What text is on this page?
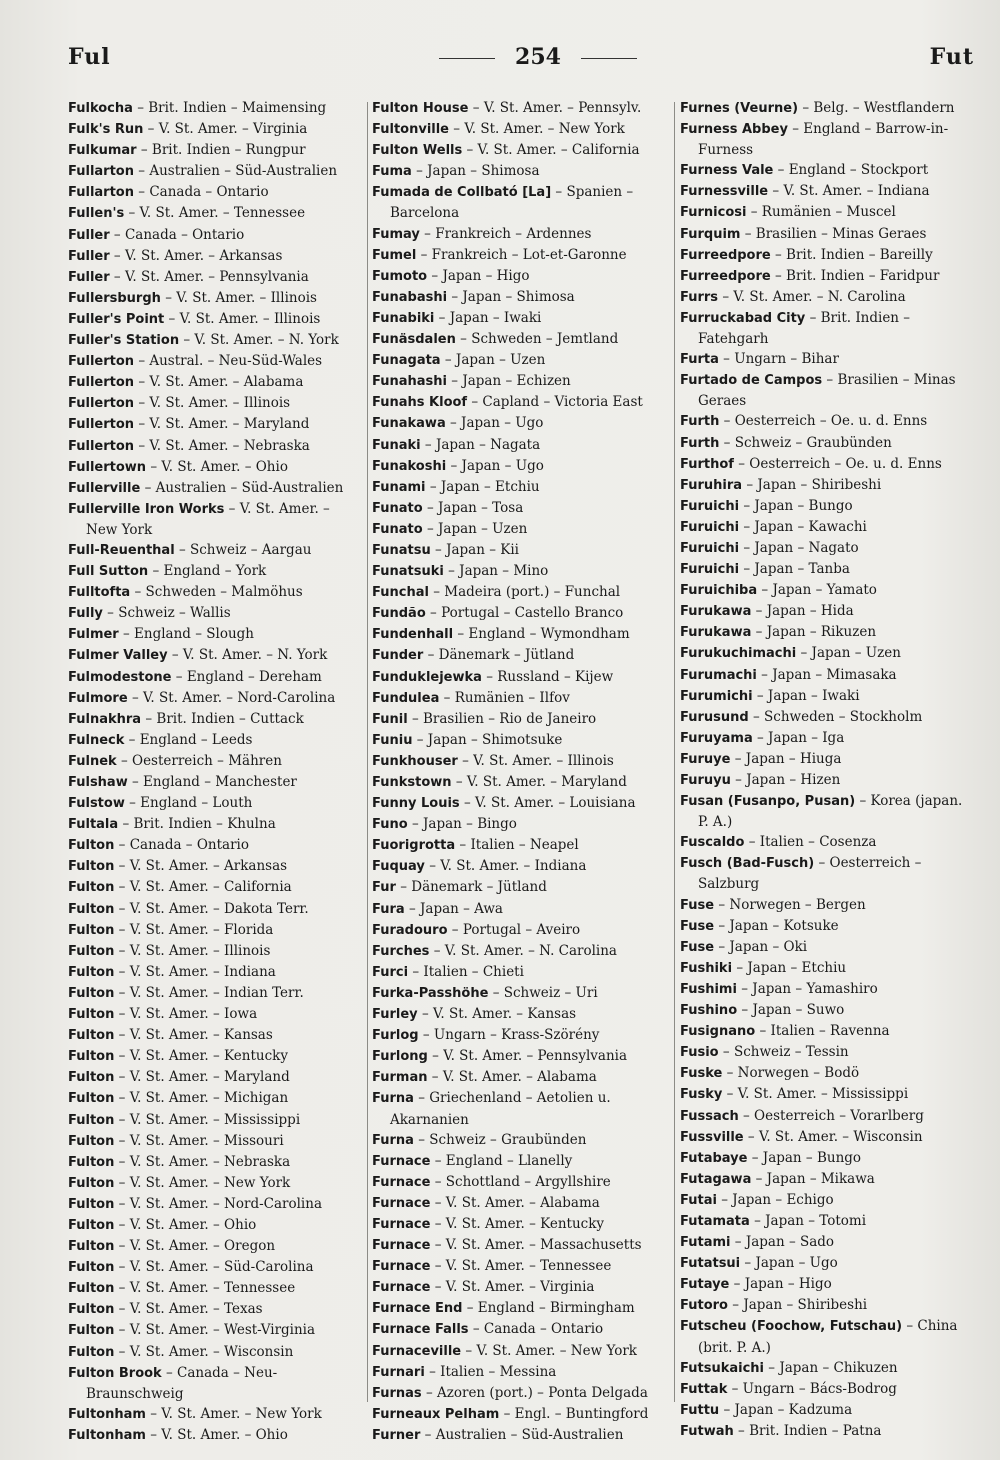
Ful	254	Fut
Fulkocha – Brit. Indien – Maimensing
Fulk's Run – V. St. Amer. – Virginia
Fulkumar – Brit. Indien – Rungpur
Fullarton – Australien – Süd-Australien
Fullarton – Canada – Ontario
Fullen's – V. St. Amer. – Tennessee
Fuller – Canada – Ontario
Fuller – V. St. Amer. – Arkansas
Fuller – V. St. Amer. – Pennsylvania
Fullersburgh – V. St. Amer. – Illinois
Fuller's Point – V. St. Amer. – Illinois
Fuller's Station – V. St. Amer. – N. York
Fullerton – Austral. – Neu-Süd-Wales
Fullerton – V. St. Amer. – Alabama
Fullerton – V. St. Amer. – Illinois
Fullerton – V. St. Amer. – Maryland
Fullerton – V. St. Amer. – Nebraska
Fullertown – V. St. Amer. – Ohio
Fullerville – Australien – Süd-Australien
Fullerville Iron Works – V. St. Amer. – New York
Full-Reuenthal – Schweiz – Aargau
Full Sutton – England – York
Fulltofta – Schweden – Malmöhus
Fully – Schweiz – Wallis
Fulmer – England – Slough
Fulmer Valley – V. St. Amer. – N. York
Fulmodestone – England – Dereham
Fulmore – V. St. Amer. – Nord-Carolina
Fulnakhra – Brit. Indien – Cuttack
Fulneck – England – Leeds
Fulnek – Oesterreich – Mähren
Fulshaw – England – Manchester
Fulstow – England – Louth
Fultala – Brit. Indien – Khulna
Fulton – Canada – Ontario
Fulton – V. St. Amer. – Arkansas
Fulton – V. St. Amer. – California
Fulton – V. St. Amer. – Dakota Terr.
Fulton – V. St. Amer. – Florida
Fulton – V. St. Amer. – Illinois
Fulton – V. St. Amer. – Indiana
Fulton – V. St. Amer. – Indian Terr.
Fulton – V. St. Amer. – Iowa
Fulton – V. St. Amer. – Kansas
Fulton – V. St. Amer. – Kentucky
Fulton – V. St. Amer. – Maryland
Fulton – V. St. Amer. – Michigan
Fulton – V. St. Amer. – Mississippi
Fulton – V. St. Amer. – Missouri
Fulton – V. St. Amer. – Nebraska
Fulton – V. St. Amer. – New York
Fulton – V. St. Amer. – Nord-Carolina
Fulton – V. St. Amer. – Ohio
Fulton – V. St. Amer. – Oregon
Fulton – V. St. Amer. – Süd-Carolina
Fulton – V. St. Amer. – Tennessee
Fulton – V. St. Amer. – Texas
Fulton – V. St. Amer. – West-Virginia
Fulton – V. St. Amer. – Wisconsin
Fulton Brook – Canada – Neu-Braunschweig
Fultonham – V. St. Amer. – New York
Fultonham – V. St. Amer. – Ohio
Fulton House – V. St. Amer. – Pennsylv.
Fultonville – V. St. Amer. – New York
Fulton Wells – V. St. Amer. – California
Fuma – Japan – Shimosa
Fumada de Collbató [La] – Spanien – Barcelona
Fumay – Frankreich – Ardennes
Fumel – Frankreich – Lot-et-Garonne
Fumoto – Japan – Higo
Funabashi – Japan – Shimosa
Funabiki – Japan – Iwaki
Funäsdalen – Schweden – Jemtland
Funagata – Japan – Uzen
Funahashi – Japan – Echizen
Funahs Kloof – Capland – Victoria East
Funakawa – Japan – Ugo
Funaki – Japan – Nagata
Funakoshi – Japan – Ugo
Funami – Japan – Etchiu
Funato – Japan – Tosa
Funato – Japan – Uzen
Funatsu – Japan – Kii
Funatsuki – Japan – Mino
Funchal – Madeira (port.) – Funchal
Fundão – Portugal – Castello Branco
Fundenhall – England – Wymondham
Funder – Dänemark – Jütland
Funduklejewka – Russland – Kijew
Fundulea – Rumänien – Ilfov
Funil – Brasilien – Rio de Janeiro
Funiu – Japan – Shimotsuke
Funkhouser – V. St. Amer. – Illinois
Funkstown – V. St. Amer. – Maryland
Funny Louis – V. St. Amer. – Louisiana
Funo – Japan – Bingo
Fuorigrotta – Italien – Neapel
Fuquay – V. St. Amer. – Indiana
Fur – Dänemark – Jütland
Fura – Japan – Awa
Furadouro – Portugal – Aveiro
Furches – V. St. Amer. – N. Carolina
Furci – Italien – Chieti
Furka-Passhöhe – Schweiz – Uri
Furley – V. St. Amer. – Kansas
Furlog – Ungarn – Krass-Szörény
Furlong – V. St. Amer. – Pennsylvania
Furman – V. St. Amer. – Alabama
Furna – Griechenland – Aetolien u. Akarnanien
Furna – Schweiz – Graubünden
Furnace – England – Llanelly
Furnace – Schottland – Argyllshire
Furnace – V. St. Amer. – Alabama
Furnace – V. St. Amer. – Kentucky
Furnace – V. St. Amer. – Massachusetts
Furnace – V. St. Amer. – Tennessee
Furnace – V. St. Amer. – Virginia
Furnace End – England – Birmingham
Furnace Falls – Canada – Ontario
Furnaceville – V. St. Amer. – New York
Furnari – Italien – Messina
Furnas – Azoren (port.) – Ponta Delgada
Furneaux Pelham – Engl. – Buntingford
Furner – Australien – Süd-Australien
Furnes (Veurne) – Belg. – Westflandern
Furness Abbey – England – Barrow-in-Furness
Furness Vale – England – Stockport
Furnessville – V. St. Amer. – Indiana
Furnicosi – Rumänien – Muscel
Furquim – Brasilien – Minas Geraes
Furreedpore – Brit. Indien – Bareilly
Furreedpore – Brit. Indien – Faridpur
Furrs – V. St. Amer. – N. Carolina
Furruckabad City – Brit. Indien – Fatehgarh
Furta – Ungarn – Bihar
Furtado de Campos – Brasilien – Minas Geraes
Furth – Oesterreich – Oe. u. d. Enns
Furth – Schweiz – Graubünden
Furthof – Oesterreich – Oe. u. d. Enns
Furuhira – Japan – Shiribeshi
Furuichi – Japan – Bungo
Furuichi – Japan – Kawachi
Furuichi – Japan – Nagato
Furuichi – Japan – Tanba
Furuichiba – Japan – Yamato
Furukawa – Japan – Hida
Furukawa – Japan – Rikuzen
Furukuchimachi – Japan – Uzen
Furumachi – Japan – Mimasaka
Furumichi – Japan – Iwaki
Furusund – Schweden – Stockholm
Furuyama – Japan – Iga
Furuye – Japan – Hiuga
Furuyu – Japan – Hizen
Fusan (Fusanpo, Pusan) – Korea (japan. P. A.)
Fuscaldo – Italien – Cosenza
Fusch (Bad-Fusch) – Oesterreich – Salzburg
Fuse – Norwegen – Bergen
Fuse – Japan – Kotsuke
Fuse – Japan – Oki
Fushiki – Japan – Etchiu
Fushimi – Japan – Yamashiro
Fushino – Japan – Suwo
Fusignano – Italien – Ravenna
Fusio – Schweiz – Tessin
Fuske – Norwegen – Bodö
Fusky – V. St. Amer. – Mississippi
Fussach – Oesterreich – Vorarlberg
Fussville – V. St. Amer. – Wisconsin
Futabaye – Japan – Bungo
Futagawa – Japan – Mikawa
Futai – Japan – Echigo
Futamata – Japan – Totomi
Futami – Japan – Sado
Futatsui – Japan – Ugo
Futaye – Japan – Higo
Futoro – Japan – Shiribeshi
Futscheu (Foochow, Futschau) – China (brit. P. A.)
Futsukaichi – Japan – Chikuzen
Futtak – Ungarn – Bács-Bodrog
Futtu – Japan – Kadzuma
Futwah – Brit. Indien – Patna
